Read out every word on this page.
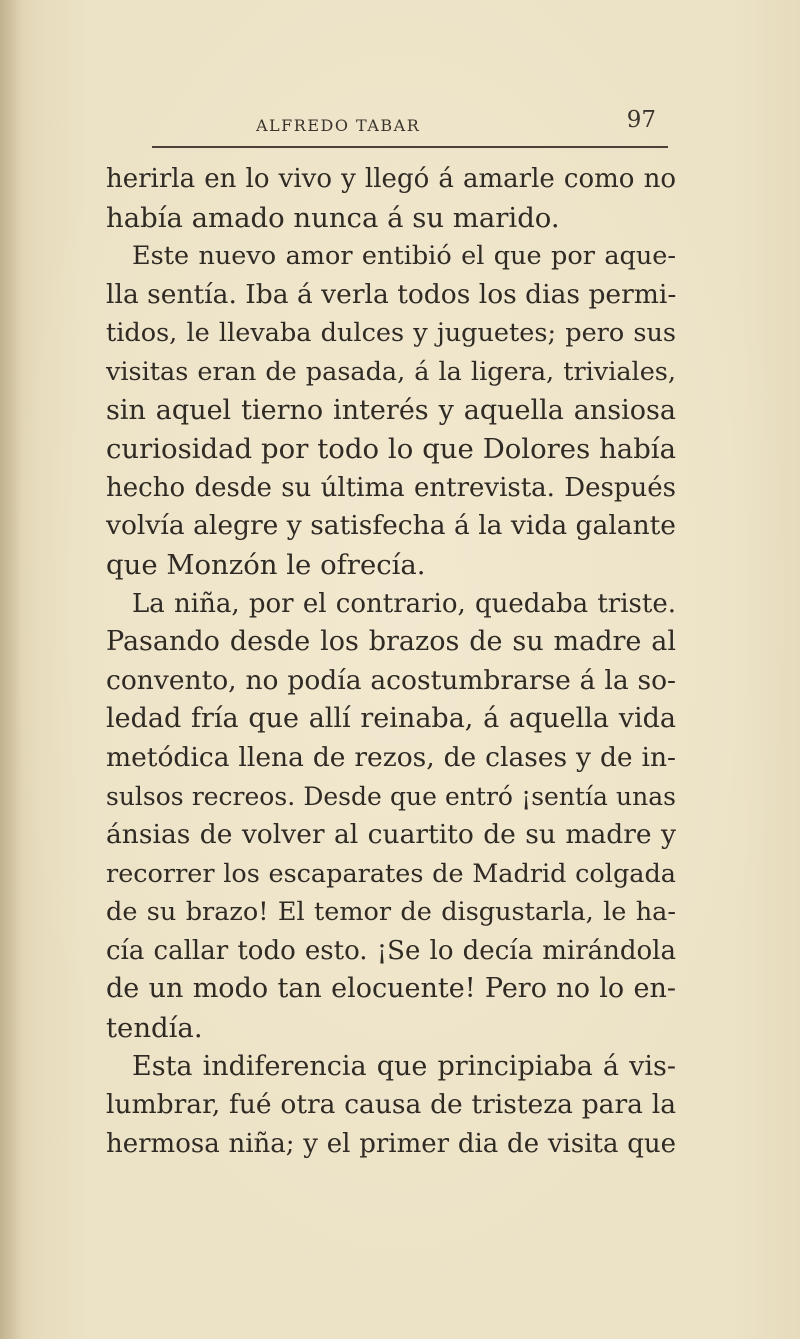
ALFREDO TABAR	97
herirla en lo vivo y llegó á amarle como no
había amado nunca á su marido.
Este nuevo amor entibió el que por aque-
lla sentía. Iba á verla todos los dias permi-
tidos, le llevaba dulces y juguetes; pero sus
visitas eran de pasada, á la ligera, triviales,
sin aquel tierno interés y aquella ansiosa
curiosidad por todo lo que Dolores había
hecho desde su última entrevista. Después
volvía alegre y satisfecha á la vida galante
que Monzón le ofrecía.
La niña, por el contrario, quedaba triste.
Pasando desde los brazos de su madre al
convento, no podía acostumbrarse á la so-
ledad fría que allí reinaba, á aquella vida
metódica llena de rezos, de clases y de in-
sulsos recreos. Desde que entró ¡sentía unas
ánsias de volver al cuartito de su madre y
recorrer los escaparates de Madrid colgada
de su brazo! El temor de disgustarla, le ha-
cía callar todo esto. ¡Se lo decía mirándola
de un modo tan elocuente! Pero no lo en-
tendía.
Esta indiferencia que principiaba á vis-
lumbrar, fué otra causa de tristeza para la
hermosa niña; y el primer dia de visita que
